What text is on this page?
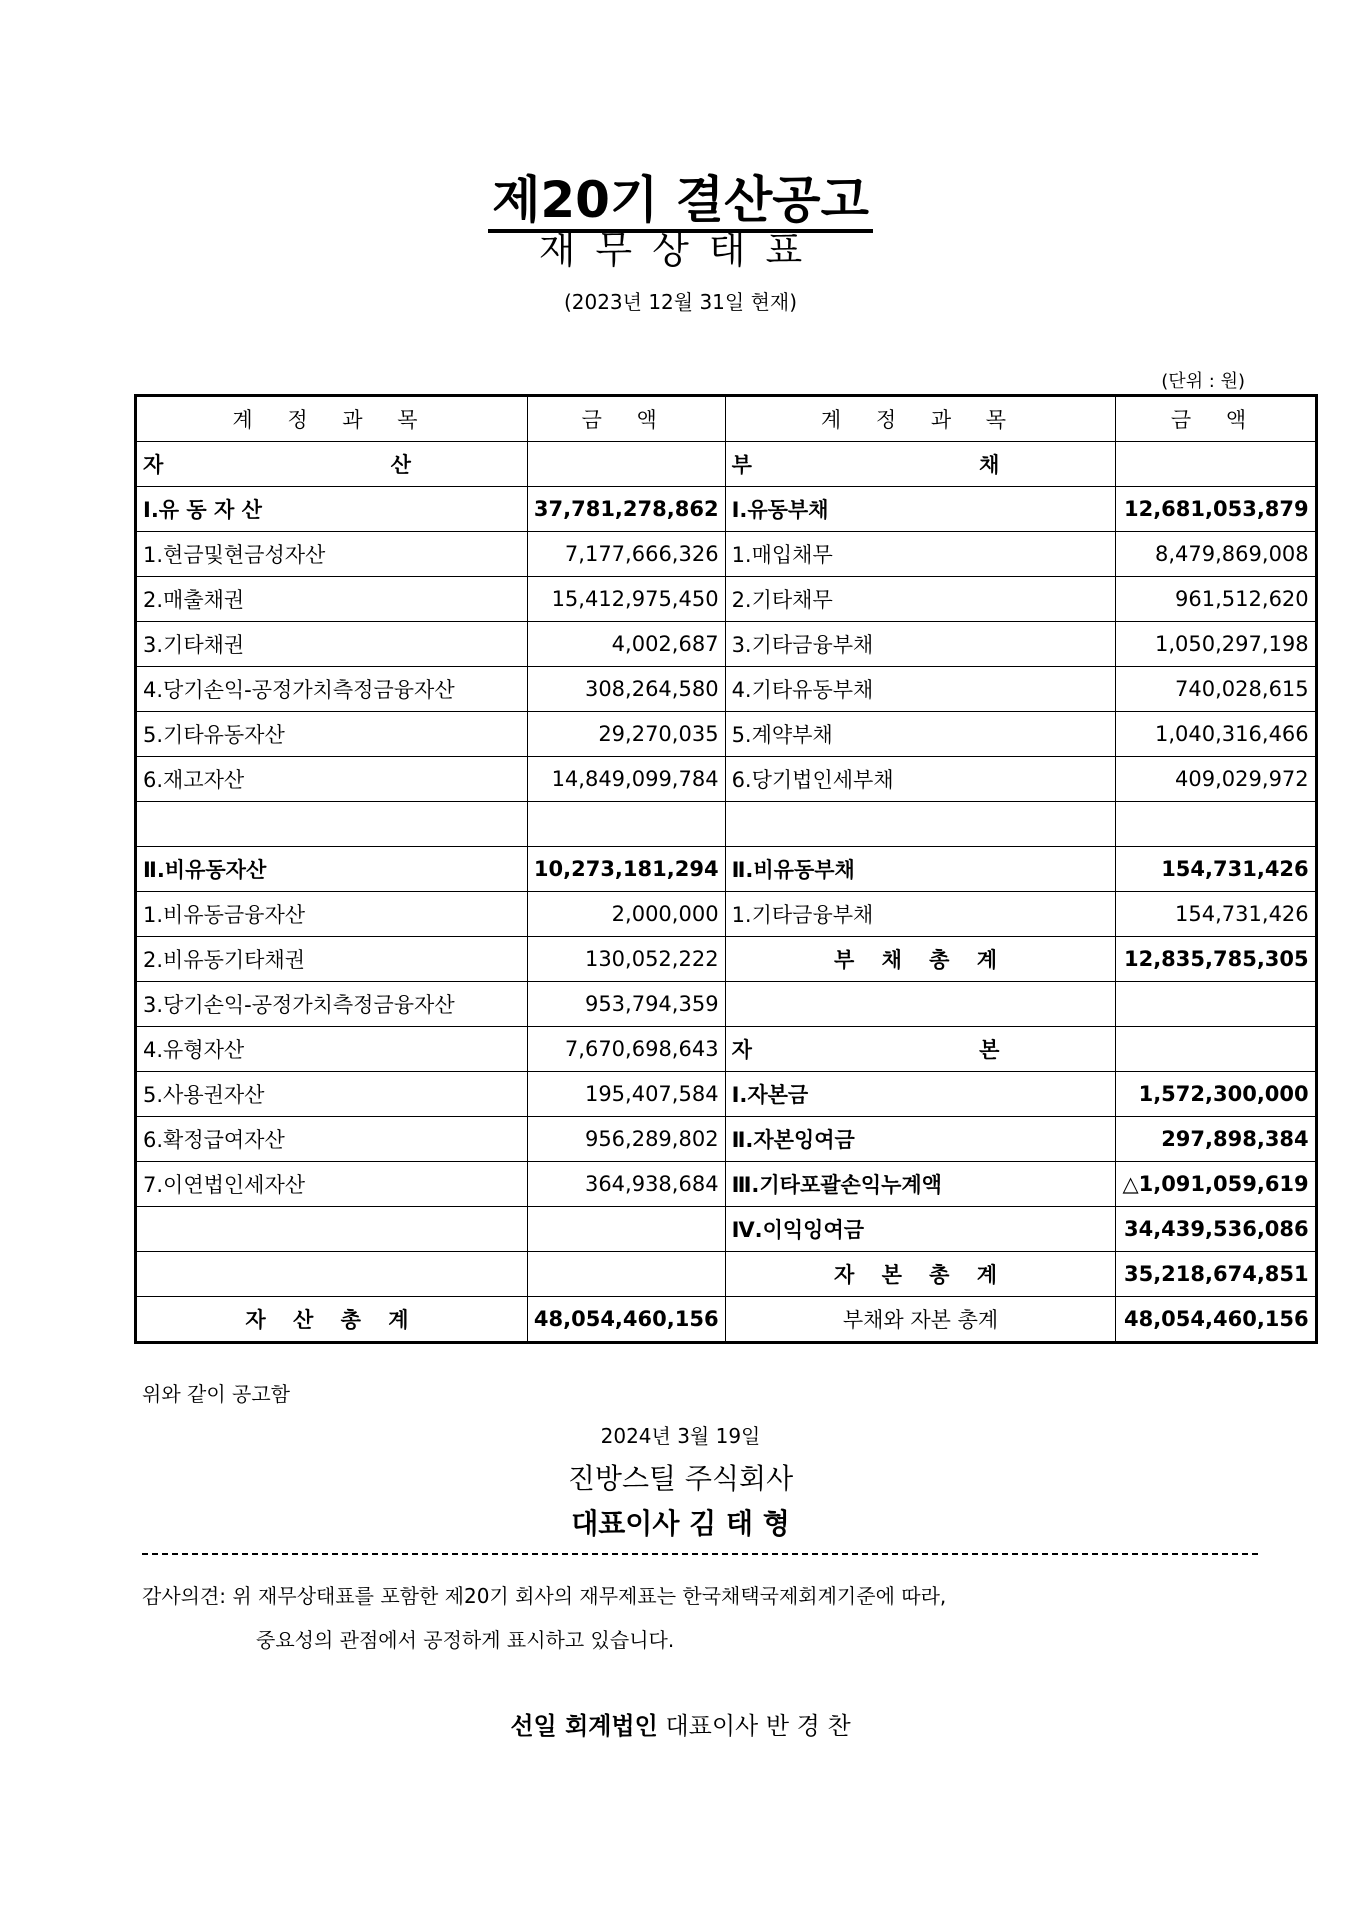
제20기 결산공고
재무상태표
(2023년 12월 31일 현재)
(단위 : 원)
계 정 과 목	금 액	계 정 과 목	금 액
자 산		부 채	
Ⅰ.유 동 자 산	37,781,278,862	Ⅰ.유동부채	12,681,053,879
1.현금및현금성자산	7,177,666,326	1.매입채무	8,479,869,008
2.매출채권	15,412,975,450	2.기타채무	961,512,620
3.기타채권	4,002,687	3.기타금융부채	1,050,297,198
4.당기손익-공정가치측정금융자산	308,264,580	4.기타유동부채	740,028,615
5.기타유동자산	29,270,035	5.계약부채	1,040,316,466
6.재고자산	14,849,099,784	6.당기법인세부채	409,029,972

Ⅱ.비유동자산	10,273,181,294	Ⅱ.비유동부채	154,731,426
1.비유동금융자산	2,000,000	1.기타금융부채	154,731,426
2.비유동기타채권	130,052,222	부 채 총 계	12,835,785,305
3.당기손익-공정가치측정금융자산	953,794,359		
4.유형자산	7,670,698,643	자 본	
5.사용권자산	195,407,584	Ⅰ.자본금	1,572,300,000
6.확정급여자산	956,289,802	Ⅱ.자본잉여금	297,898,384
7.이연법인세자산	364,938,684	Ⅲ.기타포괄손익누계액	△1,091,059,619
		Ⅳ.이익잉여금	34,439,536,086
		자 본 총 계	35,218,674,851
자 산 총 계	48,054,460,156	부채와 자본 총계	48,054,460,156
위와 같이 공고함
2024년 3월 19일
진방스틸 주식회사
대표이사 김 태 형
감사의견: 위 재무상태표를 포함한 제20기 회사의 재무제표는 한국채택국제회계기준에 따라,
중요성의 관점에서 공정하게 표시하고 있습니다.
선일 회계법인 대표이사 반 경 찬
